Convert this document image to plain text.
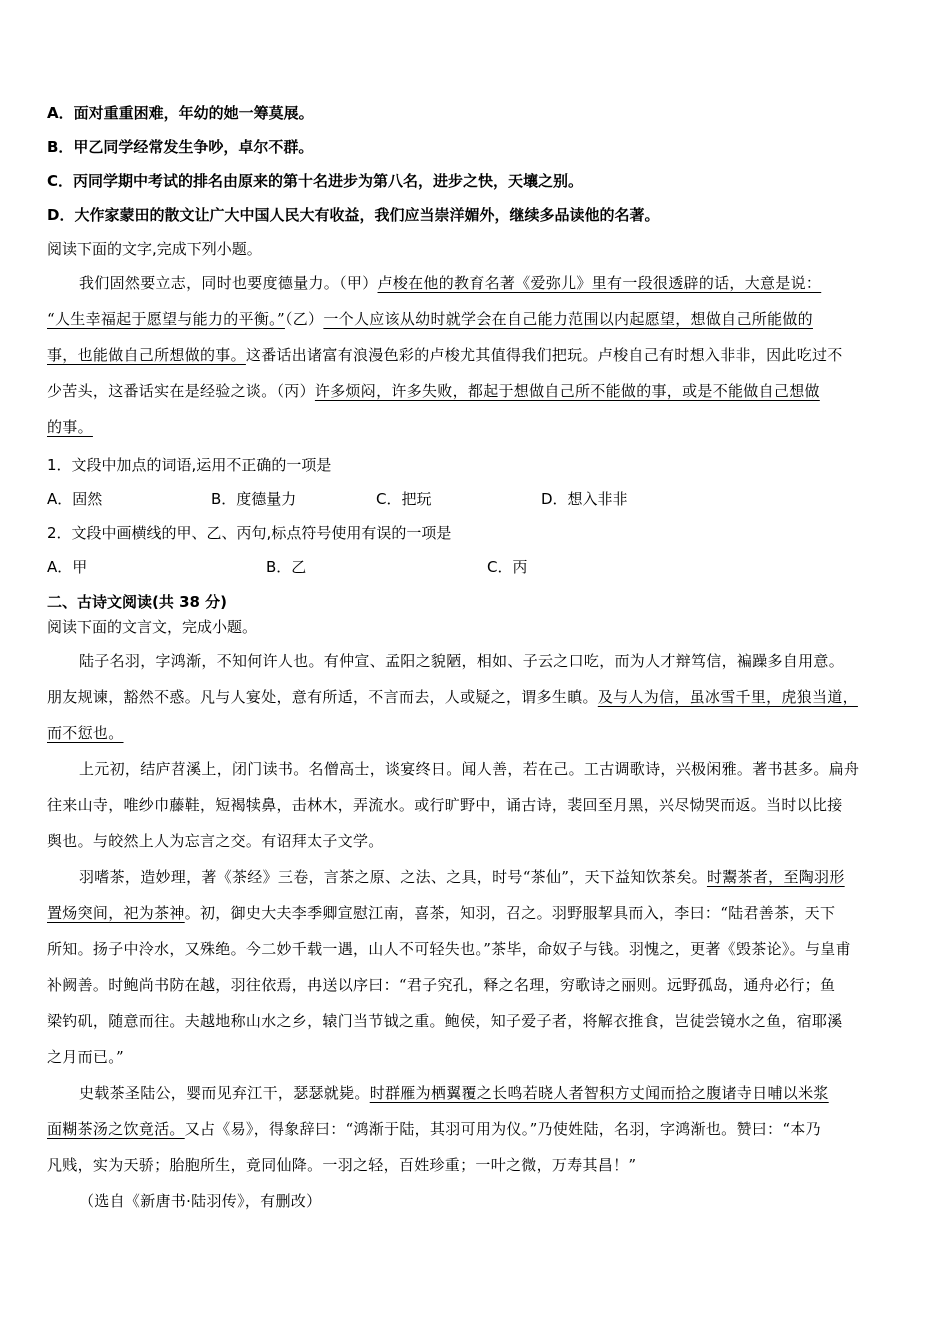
A．面对重重困难，年幼的她一筹莫展。
B．甲乙同学经常发生争吵，卓尔不群。
C．丙同学期中考试的排名由原来的第十名进步为第八名，进步之快，天壤之别。
D．大作家蒙田的散文让广大中国人民大有收益，我们应当崇洋媚外，继续多品读他的名著。
阅读下面的文字,完成下列小题。
我们固然要立志，同时也要度德量力。（甲）卢梭在他的教育名著《爱弥儿》里有一段很透辟的话，大意是说：
“人生幸福起于愿望与能力的平衡。”（乙）一个人应该从幼时就学会在自己能力范围以内起愿望，想做自己所能做的
事，也能做自己所想做的事。这番话出诸富有浪漫色彩的卢梭尤其值得我们把玩。卢梭自己有时想入非非，因此吃过不
少苦头，这番话实在是经验之谈。（丙）许多烦闷，许多失败，都起于想做自己所不能做的事，或是不能做自己想做
的事。
1．文段中加点的词语,运用不正确的一项是
A．固然	B．度德量力	C．把玩	D．想入非非
2．文段中画横线的甲、乙、丙句,标点符号使用有误的一项是
A．甲	B．乙	C．丙
二、古诗文阅读(共 38 分)
阅读下面的文言文，完成小题。
陆子名羽，字鸿渐，不知何许人也。有仲宣、孟阳之貌陋，相如、子云之口吃，而为人才辩笃信，褊躁多自用意。
朋友规谏，豁然不惑。凡与人宴处，意有所适，不言而去，人或疑之，谓多生瞋。及与人为信，虽冰雪千里，虎狼当道，
而不愆也。
上元初，结庐苕溪上，闭门读书。名僧高士，谈宴终日。闻人善，若在己。工古调歌诗，兴极闲雅。著书甚多。扁舟
往来山寺，唯纱巾藤鞋，短褐犊鼻，击林木，弄流水。或行旷野中，诵古诗，裴回至月黑，兴尽恸哭而返。当时以比接
舆也。与皎然上人为忘言之交。有诏拜太子文学。
羽嗜茶，造妙理，著《茶经》三卷，言茶之原、之法、之具，时号“茶仙”，天下益知饮茶矣。时鬻茶者，至陶羽形
置炀突间，祀为茶神。初，御史大夫李季卿宣慰江南，喜茶，知羽，召之。羽野服挈具而入，李曰：“陆君善茶，天下
所知。扬子中泠水，又殊绝。今二妙千载一遇，山人不可轻失也。”茶毕，命奴子与钱。羽愧之，更著《毁茶论》。与皇甫
补阙善。时鲍尚书防在越，羽往依焉，冉送以序曰：“君子究孔，释之名理，穷歌诗之丽则。远野孤岛，通舟必行；鱼
梁钓矶，随意而往。夫越地称山水之乡，辕门当节钺之重。鲍侯，知子爱子者，将解衣推食，岂徒尝镜水之鱼，宿耶溪
之月而已。”
史载茶圣陆公，婴而见弃江干，瑟瑟就毙。时群雁为栖翼覆之长鸣若晓人者智积方丈闻而拾之腹诸寺日哺以米浆
面糊茶汤之饮竟活。又占《易》，得象辞曰：“鸿渐于陆，其羽可用为仪。”乃使姓陆，名羽，字鸿渐也。赞曰：“本乃
凡贱，实为天骄；胎胞所生，竟同仙降。一羽之轻，百姓珍重；一叶之微，万寿其昌！”
（选自《新唐书·陆羽传》，有删改）
